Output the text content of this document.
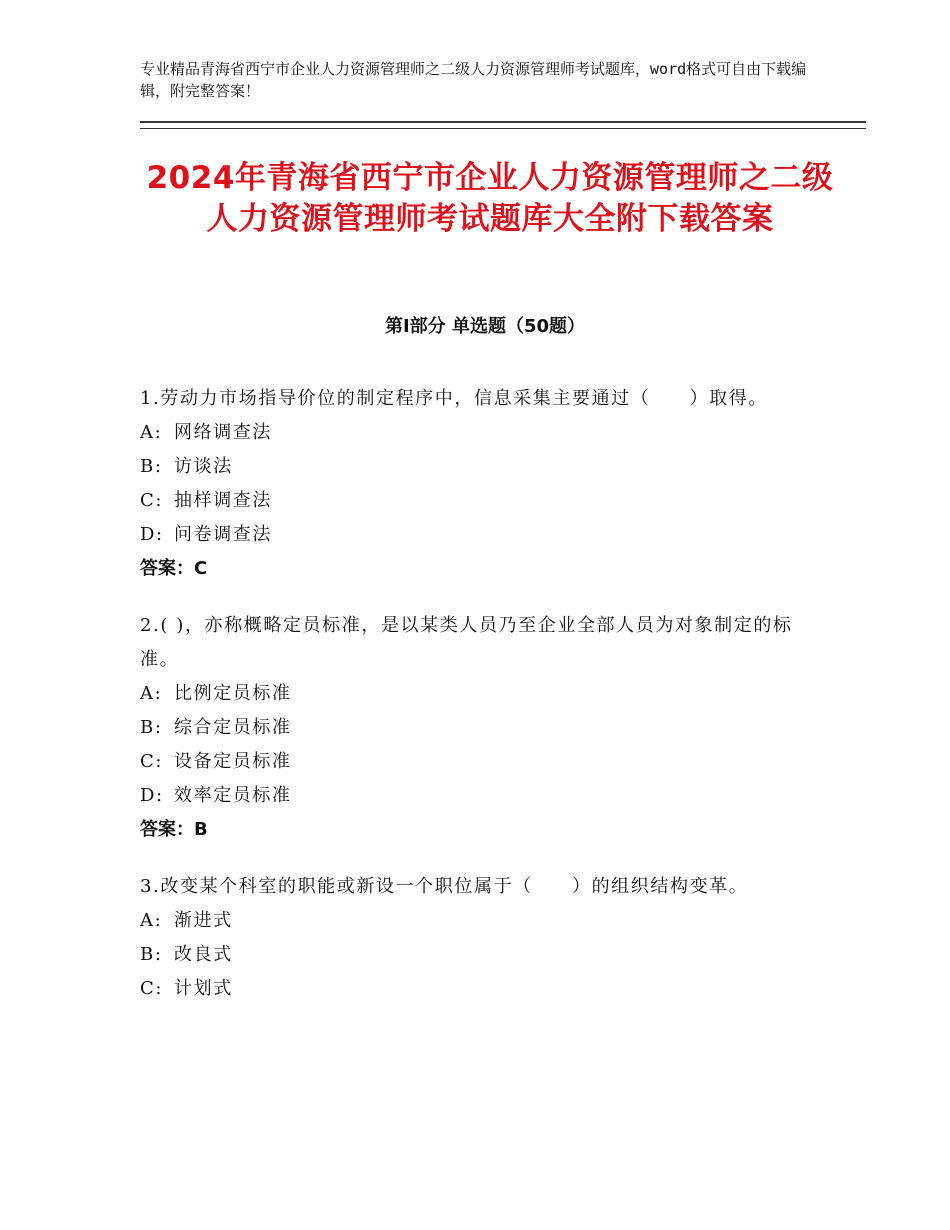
专业精品青海省西宁市企业人力资源管理师之二级人力资源管理师考试题库，word格式可自由下载编辑，附完整答案！
2024年青海省西宁市企业人力资源管理师之二级人力资源管理师考试题库大全附下载答案
第Ⅰ部分 单选题（50题）
1.劳动力市场指导价位的制定程序中，信息采集主要通过（　　）取得。
A: 网络调查法
B: 访谈法
C: 抽样调查法
D: 问卷调查法
答案：C
2.( )，亦称概略定员标准，是以某类人员乃至企业全部人员为对象制定的标准。
A: 比例定员标准
B: 综合定员标准
C: 设备定员标准
D: 效率定员标准
答案：B
3.改变某个科室的职能或新设一个职位属于（　　）的组织结构变革。
A: 渐进式
B: 改良式
C: 计划式
